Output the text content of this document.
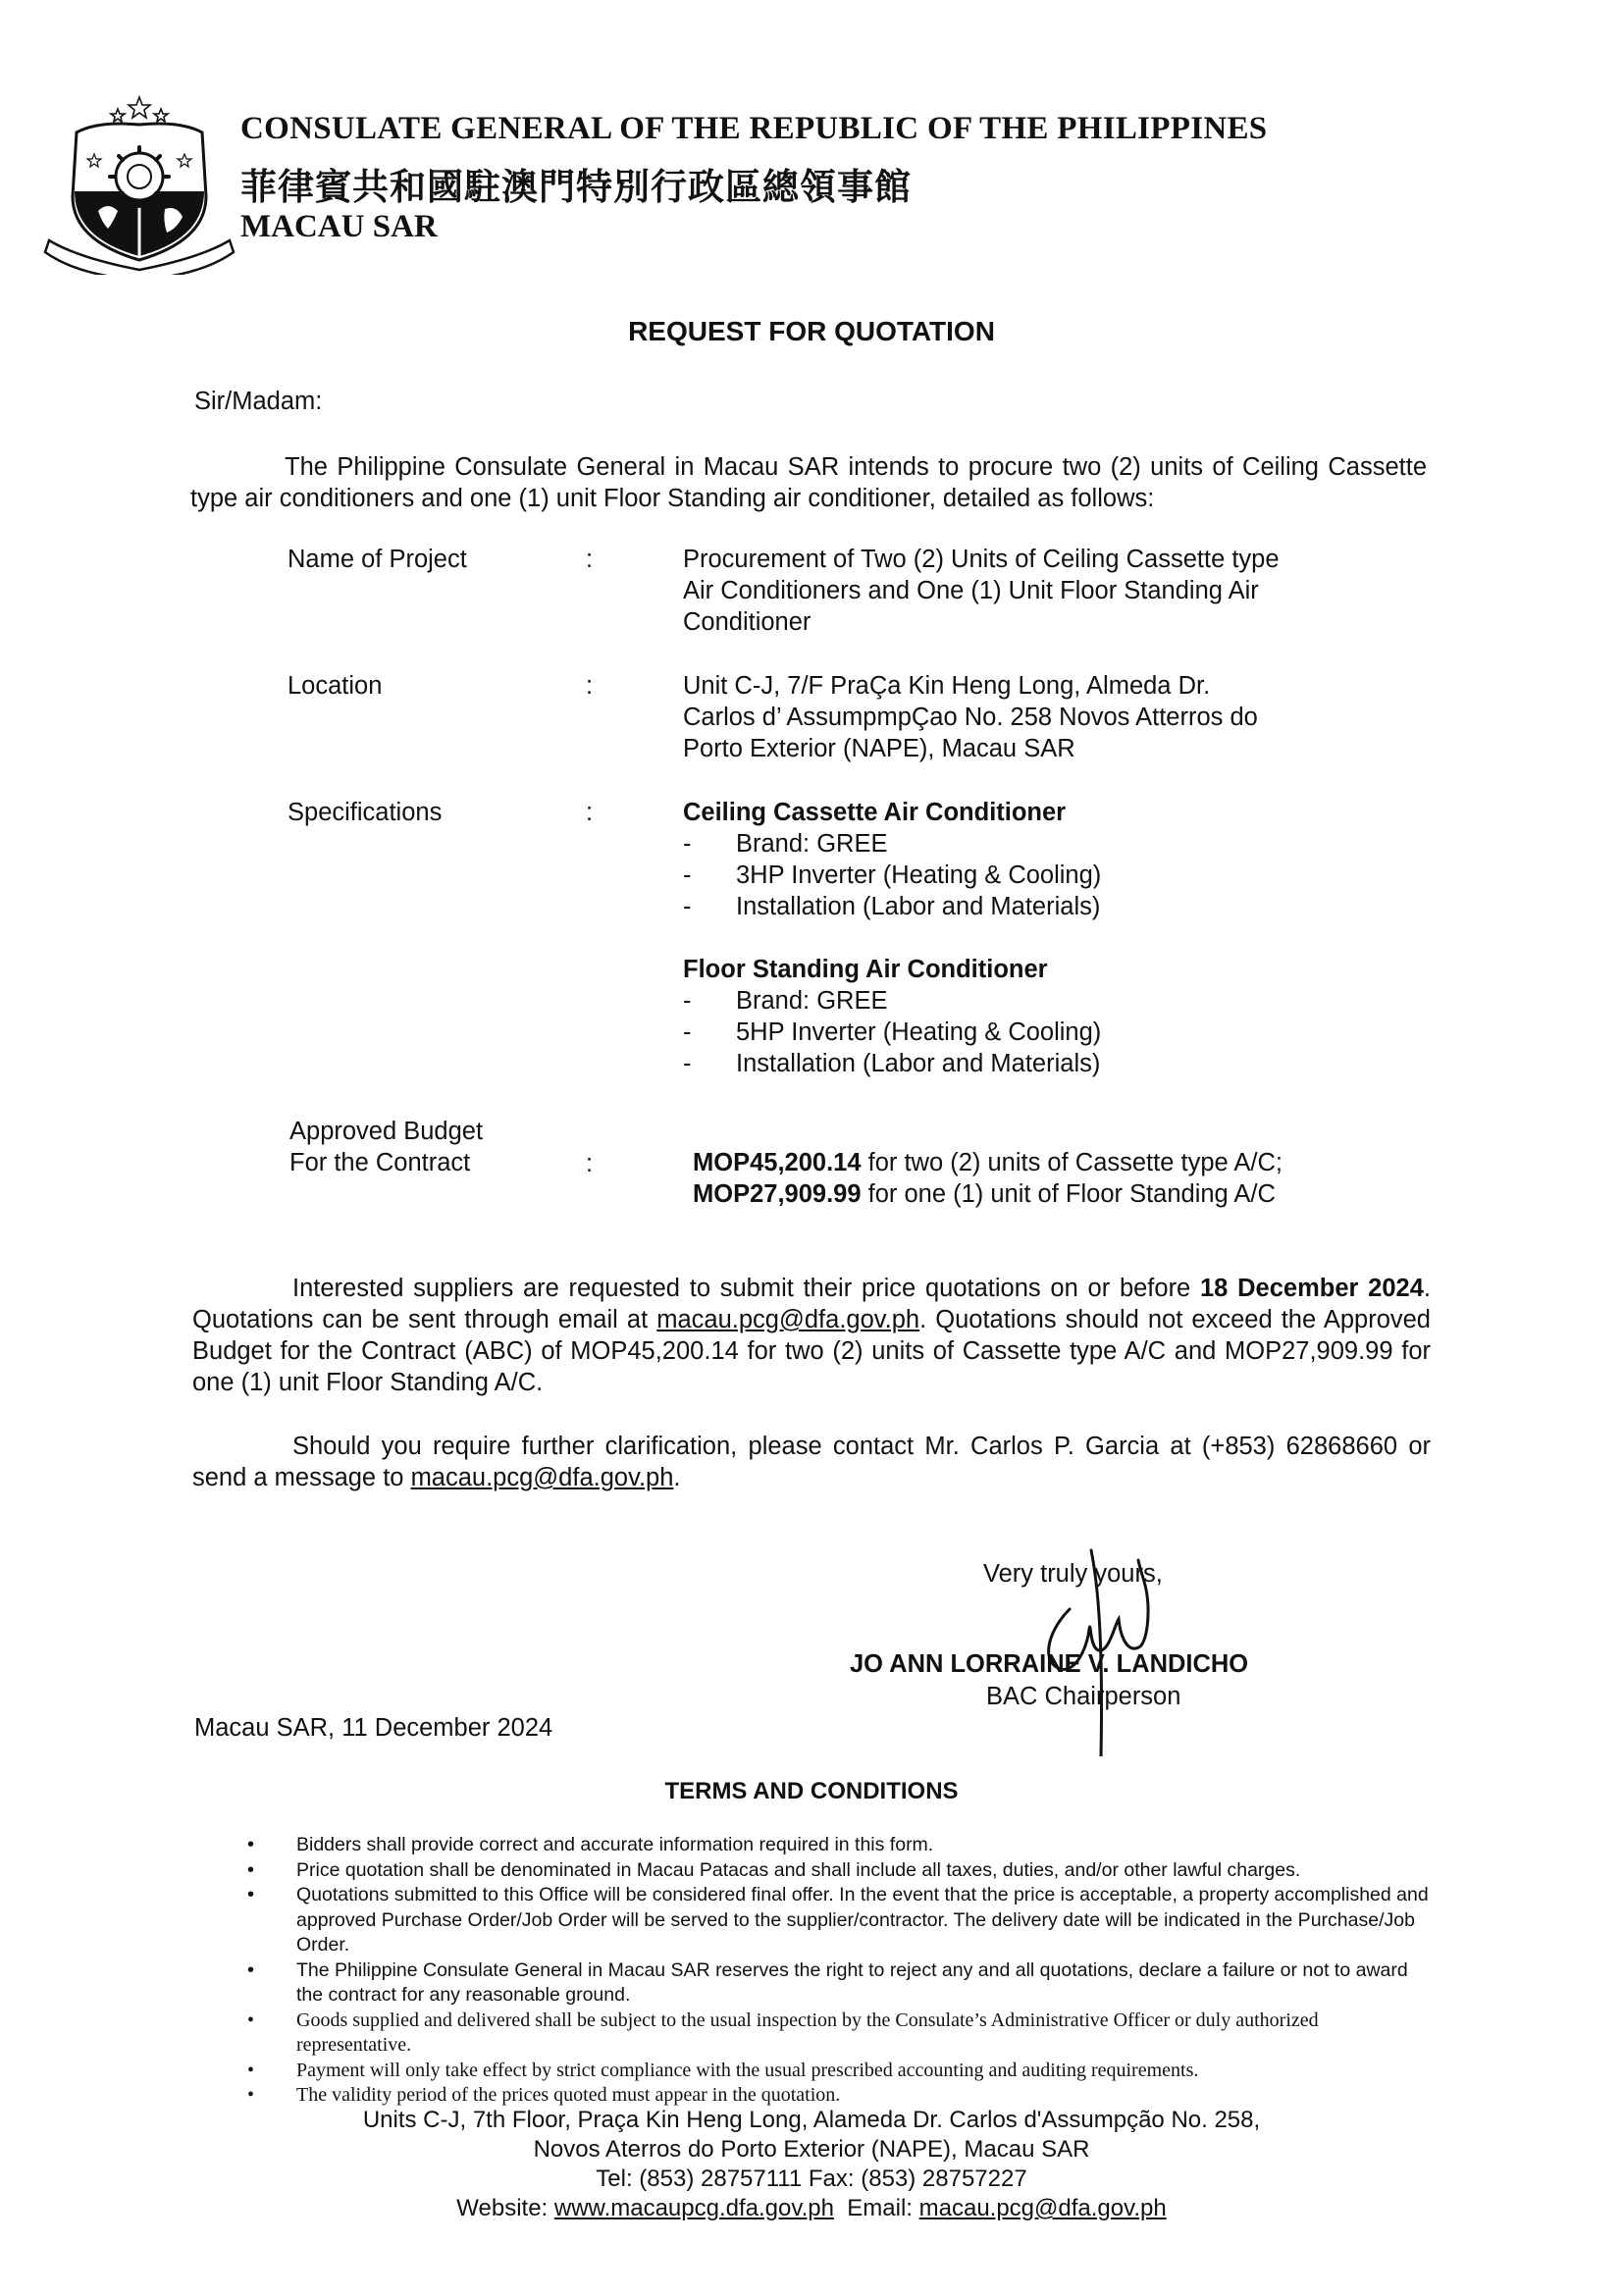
CONSULATE GENERAL OF THE REPUBLIC OF THE PHILIPPINES
菲律賓共和國駐澳門特別行政區總領事館
MACAU SAR
REQUEST FOR QUOTATION
Sir/Madam:

The Philippine Consulate General in Macau SAR intends to procure two (2) units of Ceiling Cassette type air conditioners and one (1) unit Floor Standing air conditioner, detailed as follows:

Name of Project	:	Procurement of Two (2) Units of Ceiling Cassette type
Air Conditioners and One (1) Unit Floor Standing Air
Conditioner
Location	:	Unit C-J, 7/F PraÇa Kin Heng Long, Almeda Dr.
Carlos d’ AssumpmpÇao No. 258 Novos Atterros do
Porto Exterior (NAPE), Macau SAR
Specifications	:	Ceiling Cassette Air Conditioner
- Brand: GREE
- 3HP Inverter (Heating & Cooling)
- Installation (Labor and Materials)
Floor Standing Air Conditioner
- Brand: GREE
- 5HP Inverter (Heating & Cooling)
- Installation (Labor and Materials)
Approved Budget
For the Contract	:	MOP45,200.14 for two (2) units of Cassette type A/C;
MOP27,909.99 for one (1) unit of Floor Standing A/C

Interested suppliers are requested to submit their price quotations on or before 18 December 2024. Quotations can be sent through email at macau.pcg@dfa.gov.ph. Quotations should not exceed the Approved Budget for the Contract (ABC) of MOP45,200.14 for two (2) units of Cassette type A/C and MOP27,909.99 for one (1) unit Floor Standing A/C.

Should you require further clarification, please contact Mr. Carlos P. Garcia at (+853) 62868660 or send a message to macau.pcg@dfa.gov.ph.

Very truly yours,
JO ANN LORRAINE V. LANDICHO
BAC Chairperson
Macau SAR, 11 December 2024
TERMS AND CONDITIONS
• Bidders shall provide correct and accurate information required in this form.
• Price quotation shall be denominated in Macau Patacas and shall include all taxes, duties, and/or other lawful charges.
• Quotations submitted to this Office will be considered final offer. In the event that the price is acceptable, a property accomplished and approved Purchase Order/Job Order will be served to the supplier/contractor. The delivery date will be indicated in the Purchase/Job Order.
• The Philippine Consulate General in Macau SAR reserves the right to reject any and all quotations, declare a failure or not to award the contract for any reasonable ground.
• Goods supplied and delivered shall be subject to the usual inspection by the Consulate’s Administrative Officer or duly authorized representative.
• Payment will only take effect by strict compliance with the usual prescribed accounting and auditing requirements.
• The validity period of the prices quoted must appear in the quotation.
Units C-J, 7th Floor, Praça Kin Heng Long, Alameda Dr. Carlos d'Assumpção No. 258,
Novos Aterros do Porto Exterior (NAPE), Macau SAR
Tel: (853) 28757111 Fax: (853) 28757227
Website: www.macaupcg.dfa.gov.ph  Email: macau.pcg@dfa.gov.ph
